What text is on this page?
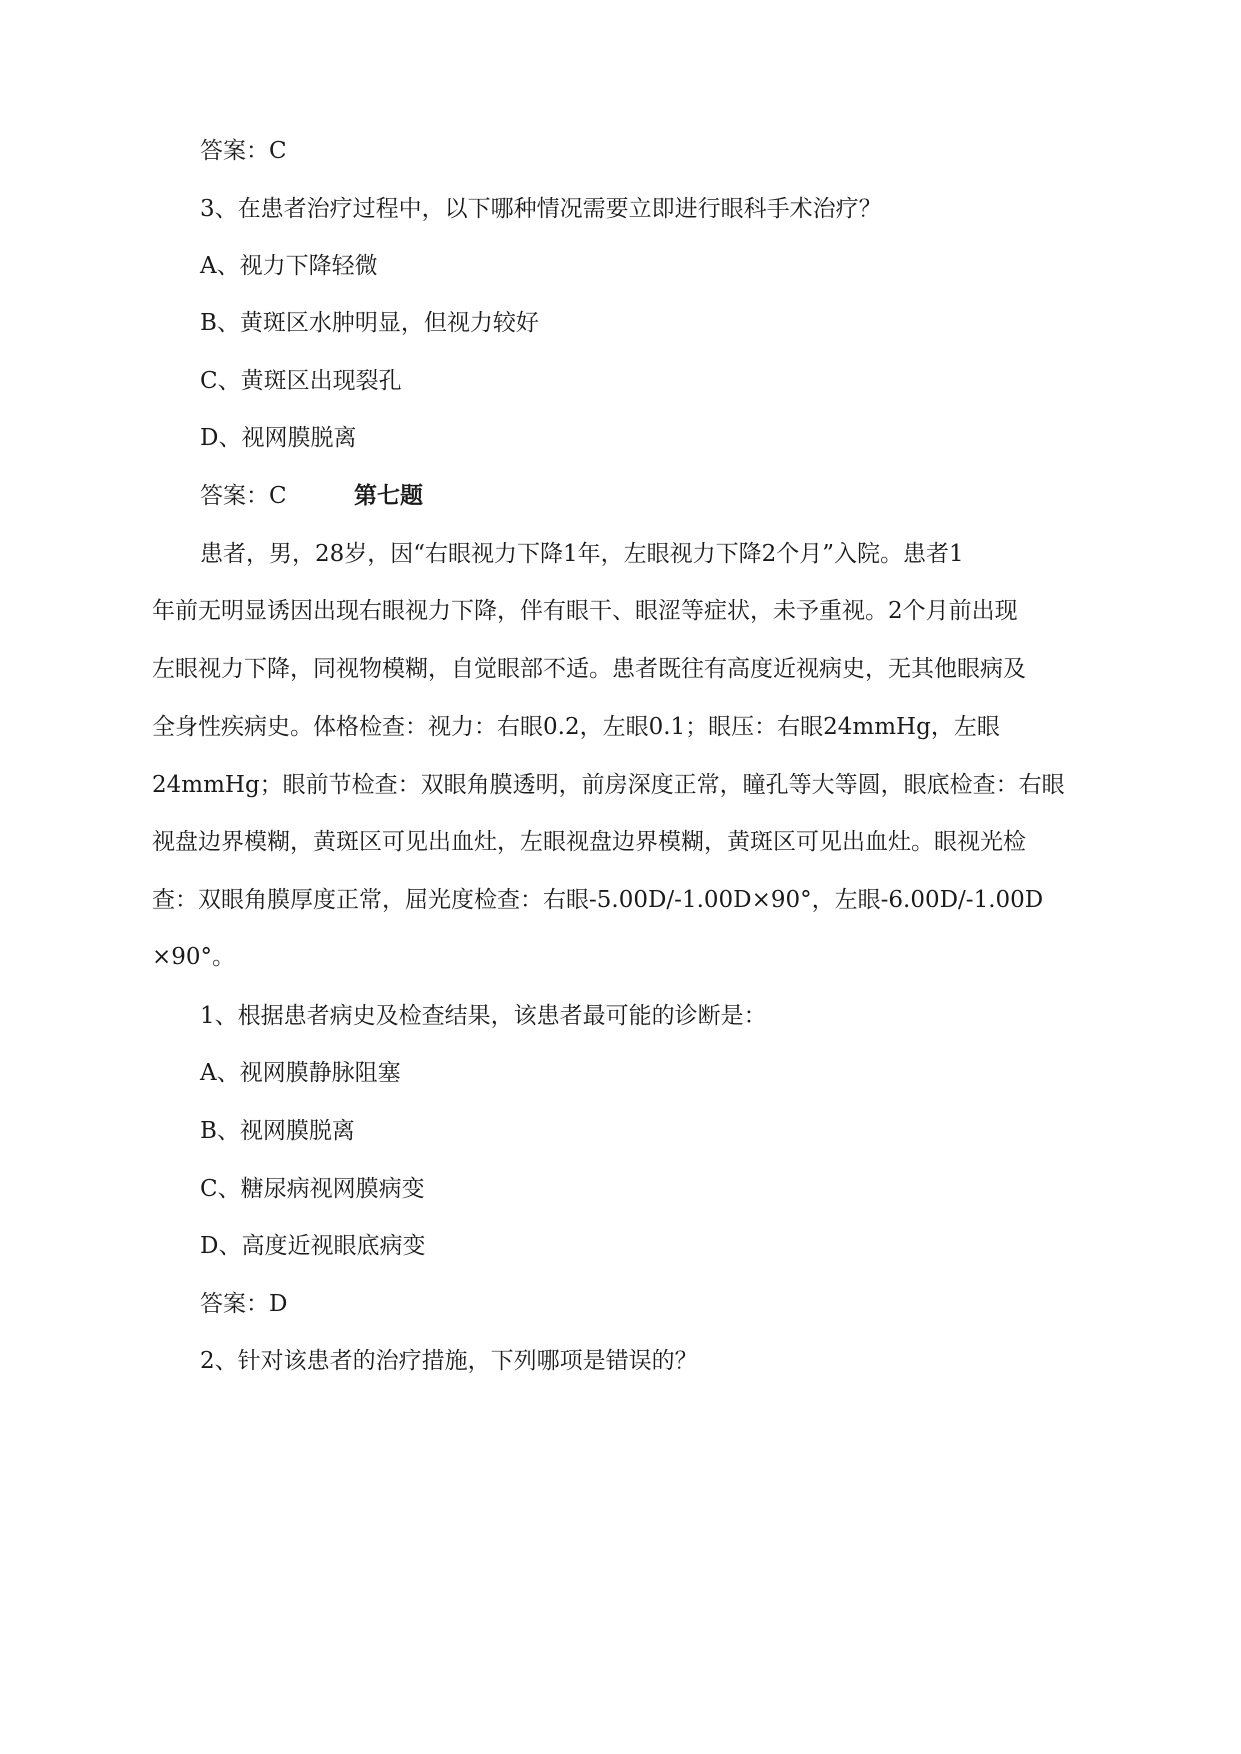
答案：C
3、在患者治疗过程中，以下哪种情况需要立即进行眼科手术治疗？
A、视力下降轻微
B、黄斑区水肿明显，但视力较好
C、黄斑区出现裂孔
D、视网膜脱离
答案：C	第七题
患者，男，28岁，因“右眼视力下降1年，左眼视力下降2个月”入院。患者1
年前无明显诱因出现右眼视力下降，伴有眼干、眼涩等症状，未予重视。2个月前出现
左眼视力下降，同视物模糊，自觉眼部不适。患者既往有高度近视病史，无其他眼病及
全身性疾病史。体格检查：视力：右眼0.2，左眼0.1；眼压：右眼24mmHg，左眼
24mmHg；眼前节检查：双眼角膜透明，前房深度正常，瞳孔等大等圆，眼底检查：右眼
视盘边界模糊，黄斑区可见出血灶，左眼视盘边界模糊，黄斑区可见出血灶。眼视光检
查：双眼角膜厚度正常，屈光度检查：右眼-5.00D/-1.00D×90°，左眼-6.00D/-1.00D
×90°。
1、根据患者病史及检查结果，该患者最可能的诊断是：
A、视网膜静脉阻塞
B、视网膜脱离
C、糖尿病视网膜病变
D、高度近视眼底病变
答案：D
2、针对该患者的治疗措施，下列哪项是错误的？
